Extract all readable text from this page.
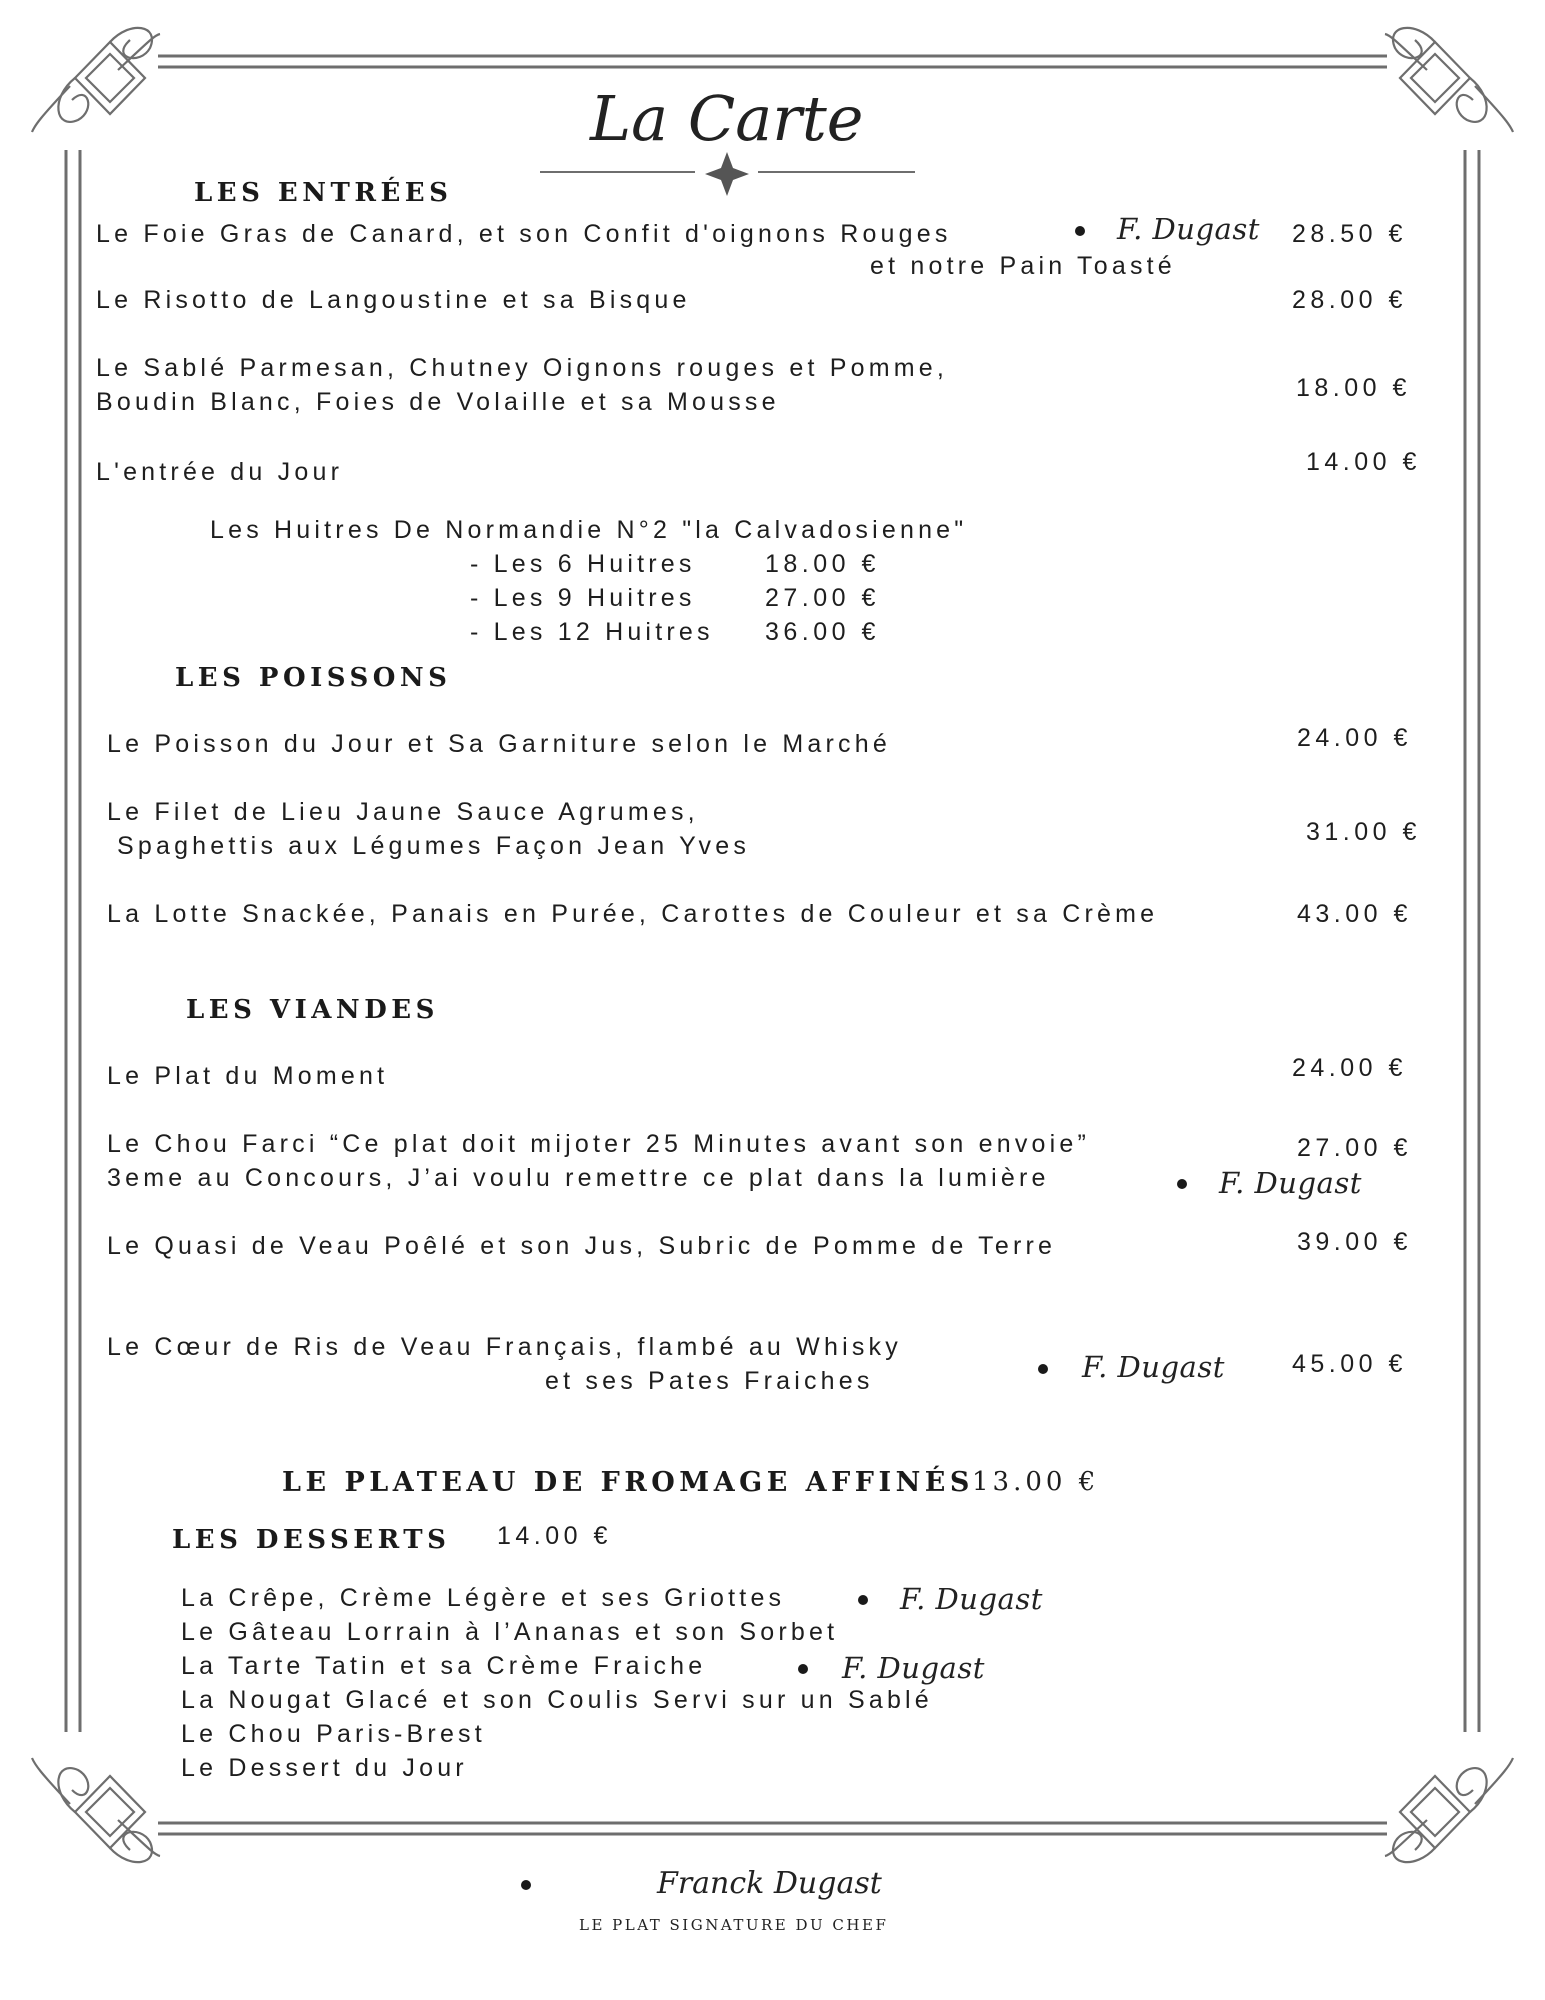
La Carte
LES ENTRÉES
Le Foie Gras de Canard, et son Confit d'oignons Rouges	F. Dugast 28.50 €
et notre Pain Toasté
Le Risotto de Langoustine et sa Bisque	28.00 €
Le Sablé Parmesan, Chutney Oignons rouges et Pomme,
Boudin Blanc, Foies de Volaille et sa Mousse	18.00 €
L'entrée du Jour	14.00 €
Les Huitres De Normandie N°2 "la Calvadosienne"
- Les 6 Huitres	18.00 €
- Les 9 Huitres	27.00 €
- Les 12 Huitres 36.00 €
LES POISSONS
Le Poisson du Jour et Sa Garniture selon le Marché	24.00 €
Le Filet de Lieu Jaune Sauce Agrumes,
Spaghettis aux Légumes Façon Jean Yves	31.00 €
La Lotte Snackée, Panais en Purée, Carottes de Couleur et sa Crème	43.00 €
LES VIANDES
Le Plat du Moment	24.00 €
Le Chou Farci “Ce plat doit mijoter 25 Minutes avant son envoie”	27.00 €
3eme au Concours, J’ai voulu remettre ce plat dans la lumière	F. Dugast
Le Quasi de Veau Poêlé et son Jus, Subric de Pomme de Terre	39.00 €
Le Cœur de Ris de Veau Français, flambé au Whisky
et ses Pates Fraiches	F. Dugast	45.00 €
LE PLATEAU DE FROMAGE AFFINÉS
13.00 €
LES DESSERTS 14.00 €
La Crêpe, Crème Légère et ses Griottes	F. Dugast
Le Gâteau Lorrain à l’Ananas et son Sorbet
La Tarte Tatin et sa Crème Fraiche	F. Dugast
La Nougat Glacé et son Coulis Servi sur un Sablé
Le Chou Paris-Brest
Le Dessert du Jour
Franck Dugast
LE PLAT SIGNATURE DU CHEF
